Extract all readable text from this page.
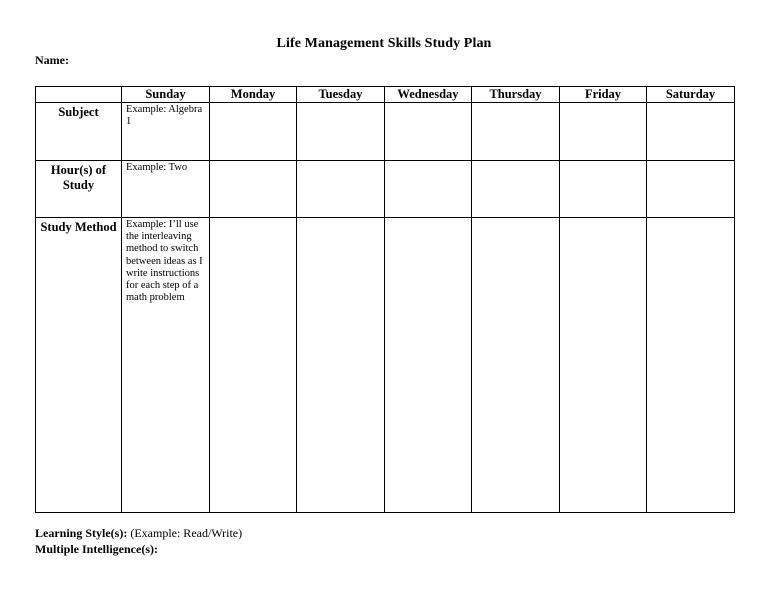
Life Management Skills Study Plan
Name:
	Sunday	Monday	Tuesday	Wednesday	Thursday	Friday	Saturday
Subject	Example: Algebra 1						
Hour(s) of Study	Example: Two						
Study Method	Example: I’ll use the interleaving method to switch between ideas as I write instructions for each step of a math problem						
Learning Style(s): (Example: Read/Write)
Multiple Intelligence(s):
